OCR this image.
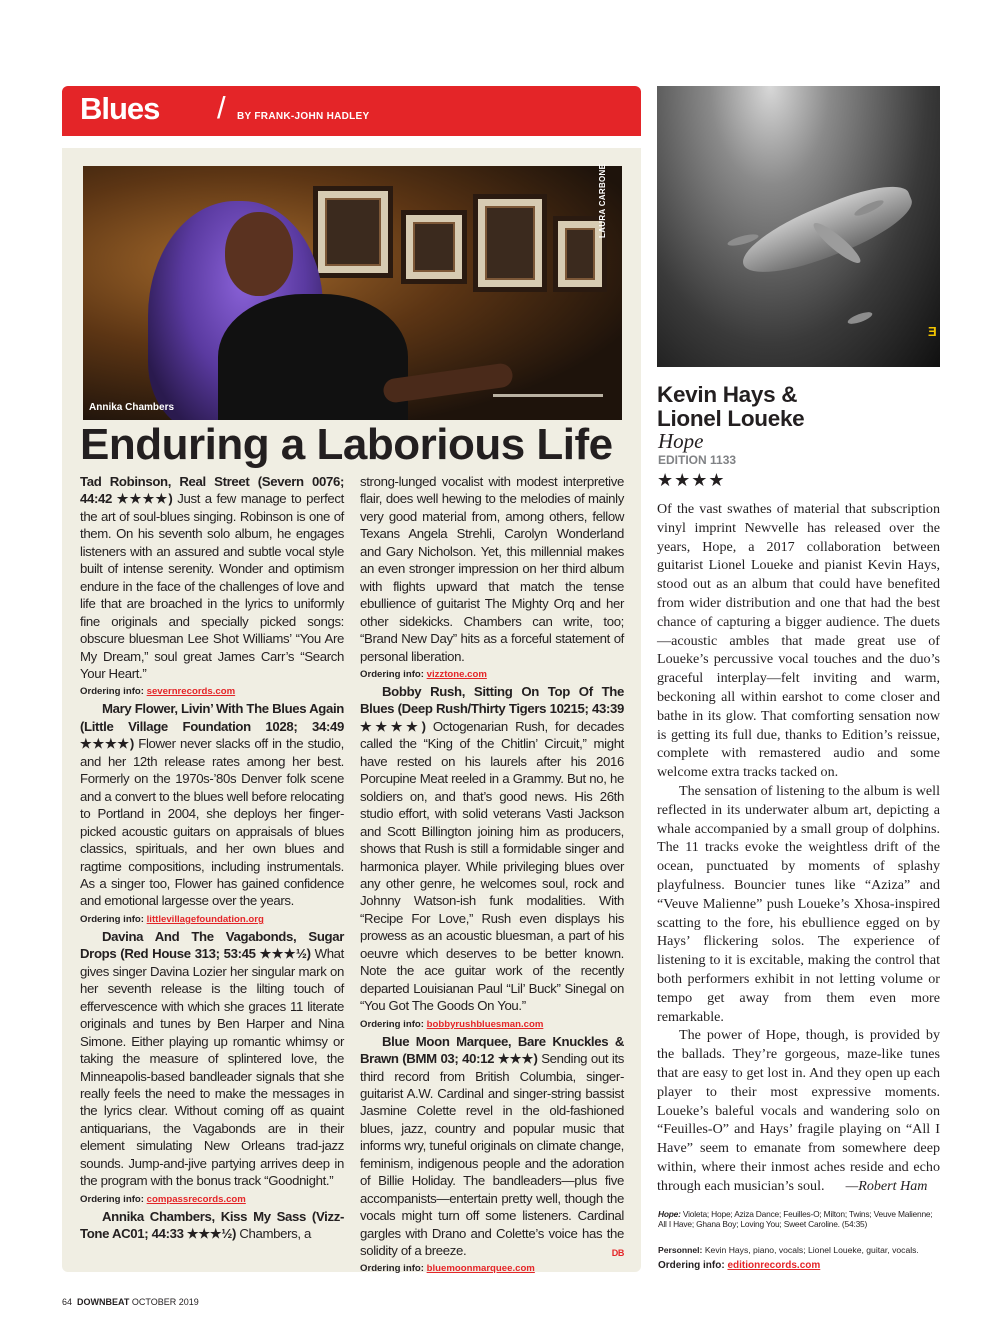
Blues / BY FRANK-JOHN HADLEY
Annika Chambers
LAURA CARBONE
Enduring a Laborious Life

Tad Robinson, Real Street (Severn 0076; 44:42 ★★★★) Just a few manage to perfect the art of soul-blues singing. Robinson is one of them. On his seventh solo album, he engages listeners with an assured and subtle vocal style built of intense serenity. Wonder and optimism endure in the face of the challenges of love and life that are broached in the lyrics to uniformly fine originals and specially picked songs: obscure bluesman Lee Shot Williams’ “You Are My Dream,” soul great James Carr’s “Search Your Heart.”

Ordering info: severnrecords.com

Mary Flower, Livin’ With The Blues Again (Little Village Foundation 1028; 34:49 ★★★★) Flower never slacks off in the studio, and her 12th release rates among her best. Formerly on the 1970s-’80s Denver folk scene and a convert to the blues well before relocating to Portland in 2004, she deploys her finger-picked acoustic guitars on appraisals of blues classics, spirituals, and her own blues and ragtime compositions, including instrumentals. As a singer too, Flower has gained confidence and emotional largesse over the years.

Ordering info: littlevillagefoundation.org

Davina And The Vagabonds, Sugar Drops (Red House 313; 53:45 ★★★½) What gives singer Davina Lozier her singular mark on her seventh release is the lilting touch of effervescence with which she graces 11 literate originals and tunes by Ben Harper and Nina Simone. Either playing up romantic whimsy or taking the measure of splintered love, the Minneapolis-based bandleader signals that she really feels the need to make the messages in the lyrics clear. Without coming off as quaint antiquarians, the Vagabonds are in their element simulating New Orleans trad-jazz sounds. Jump-and-jive partying arrives deep in the program with the bonus track “Goodnight.”

Ordering info: compassrecords.com

Annika Chambers, Kiss My Sass (Vizz-Tone AC01; 44:33 ★★★½) Chambers, a

strong-lunged vocalist with modest interpretive flair, does well hewing to the melodies of mainly very good material from, among others, fellow Texans Angela Strehli, Carolyn Wonderland and Gary Nicholson. Yet, this millennial makes an even stronger impression on her third album with flights upward that match the tense ebullience of guitarist The Mighty Orq and her other sidekicks. Chambers can write, too; “Brand New Day” hits as a forceful statement of personal liberation.

Ordering info: vizztone.com

Bobby Rush, Sitting On Top Of The Blues (Deep Rush/Thirty Tigers 10215; 43:39 ★★★★) Octogenarian Rush, for decades called the “King of the Chitlin’ Circuit,” might have rested on his laurels after his 2016 Porcupine Meat reeled in a Grammy. But no, he soldiers on, and that’s good news. His 26th studio effort, with solid veterans Vasti Jackson and Scott Billington joining him as producers, shows that Rush is still a formidable singer and harmonica player. While privileging blues over any other genre, he welcomes soul, rock and Johnny Watson-ish funk modalities. With “Recipe For Love,” Rush even displays his prowess as an acoustic bluesman, a part of his oeuvre which deserves to be better known. Note the ace guitar work of the recently departed Louisianan Paul “Lil’ Buck” Sinegal on “You Got The Goods On You.”

Ordering info: bobbyrushbluesman.com

Blue Moon Marquee, Bare Knuckles & Brawn (BMM 03; 40:12 ★★★) Sending out its third record from British Columbia, singer-guitarist A.W. Cardinal and singer-string bassist Jasmine Colette revel in the old-fashioned blues, jazz, country and popular music that informs wry, tuneful originals on climate change, feminism, indigenous people and the adoration of Billie Holiday. The bandleaders—plus five accompanists—entertain pretty well, though the vocals might turn off some listeners. Cardinal gargles with Drano and Colette’s voice has the solidity of a breeze.	DB

Ordering info: bluemoonmarquee.com

Ǝ
Kevin Hays & Lionel Loueke
Hope
EDITION 1133
★★★★

Of the vast swathes of material that subscription vinyl imprint Newvelle has released over the years, Hope, a 2017 collaboration between guitarist Lionel Loueke and pianist Kevin Hays, stood out as an album that could have benefited from wider distribution and one that had the best chance of capturing a bigger audience. The duets—acoustic ambles that made great use of Loueke’s percussive vocal touches and the duo’s graceful interplay—felt inviting and warm, beckoning all within earshot to come closer and bathe in its glow. That comforting sensation now is getting its full due, thanks to Edition’s reissue, complete with remastered audio and some welcome extra tracks tacked on.

The sensation of listening to the album is well reflected in its underwater album art, depicting a whale accompanied by a small group of dolphins. The 11 tracks evoke the weightless drift of the ocean, punctuated by moments of splashy playfulness. Bouncier tunes like “Aziza” and “Veuve Malienne” push Loueke’s Xhosa-inspired scatting to the fore, his ebullience egged on by Hays’ flickering solos. The experience of listening to it is excitable, making the control that both performers exhibit in not letting volume or tempo get away from them even more remarkable.

The power of Hope, though, is provided by the ballads. They’re gorgeous, maze-like tunes that are easy to get lost in. And they open up each player to their most expressive moments. Loueke’s baleful vocals and wandering solo on “Feuilles-O” and Hays’ fragile playing on “All I Have” seem to emanate from somewhere deep within, where their inmost aches reside and echo through each musician’s soul. —Robert Ham

Hope: Violeta; Hope; Aziza Dance; Feuilles-O; Milton; Twins; Veuve Malienne; All I Have; Ghana Boy; Loving You; Sweet Caroline. (54:35)
Personnel: Kevin Hays, piano, vocals; Lionel Loueke, guitar, vocals.
Ordering info: editionrecords.com
64 DOWNBEAT OCTOBER 2019
